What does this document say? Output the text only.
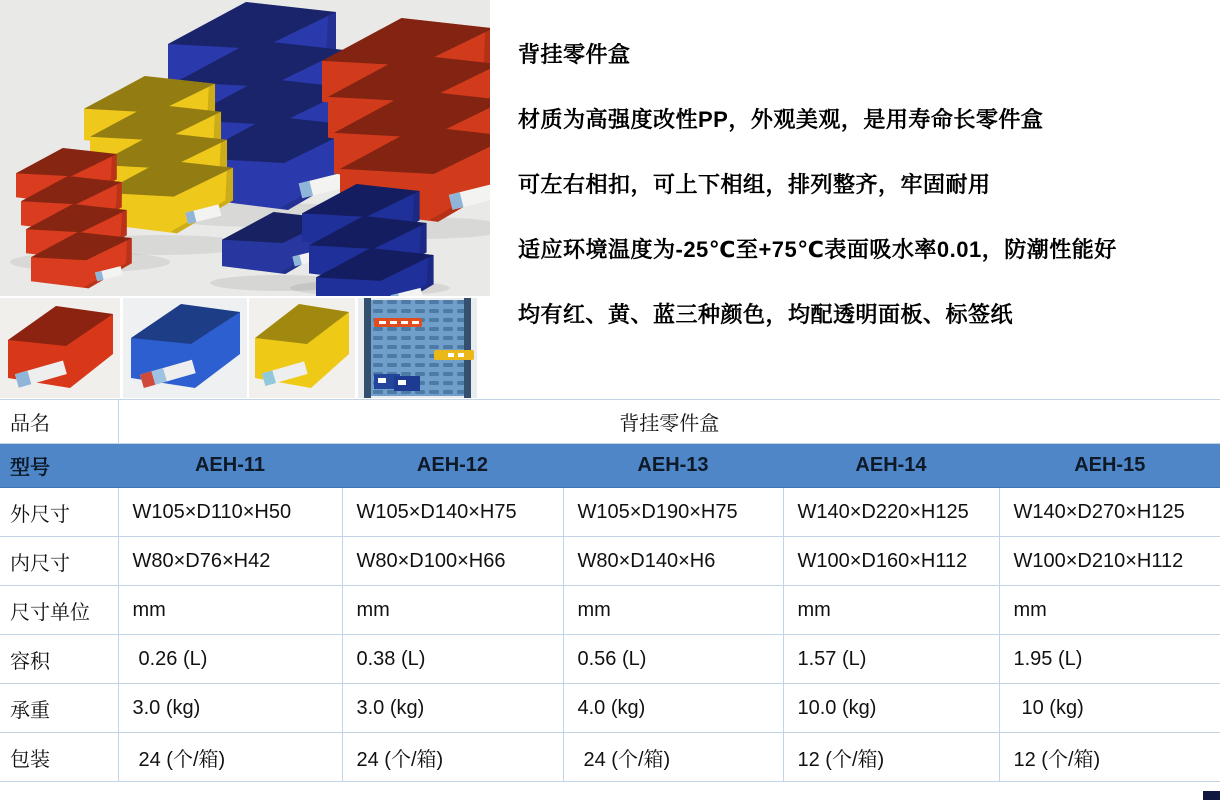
背挂零件盒
材质为高强度改性PP，外观美观，是用寿命长零件盒
可左右相扣，可上下相组，排列整齐，牢固耐用
适应环境温度为-25℃至+75℃表面吸水率0.01，防潮性能好
均有红、黄、蓝三种颜色，均配透明面板、标签纸
品名	背挂零件盒				
型号	AEH-11	AEH-12	AEH-13	AEH-14	AEH-15
外尺寸	W105×D110×H50	W105×D140×H75	W105×D190×H75	W140×D220×H125	W140×D270×H125
内尺寸	W80×D76×H42	W80×D100×H66	W80×D140×H6	W100×D160×H112	W100×D210×H112
尺寸单位	mm	mm	mm	mm	mm
容积	0.26 (L)	0.38 (L)	0.56 (L)	1.57 (L)	1.95 (L)
承重	3.0 (kg)	3.0 (kg)	4.0 (kg)	10.0 (kg)	10 (kg)
包装	24 (个/箱)	24 (个/箱)	24 (个/箱)	12 (个/箱)	12 (个/箱)
